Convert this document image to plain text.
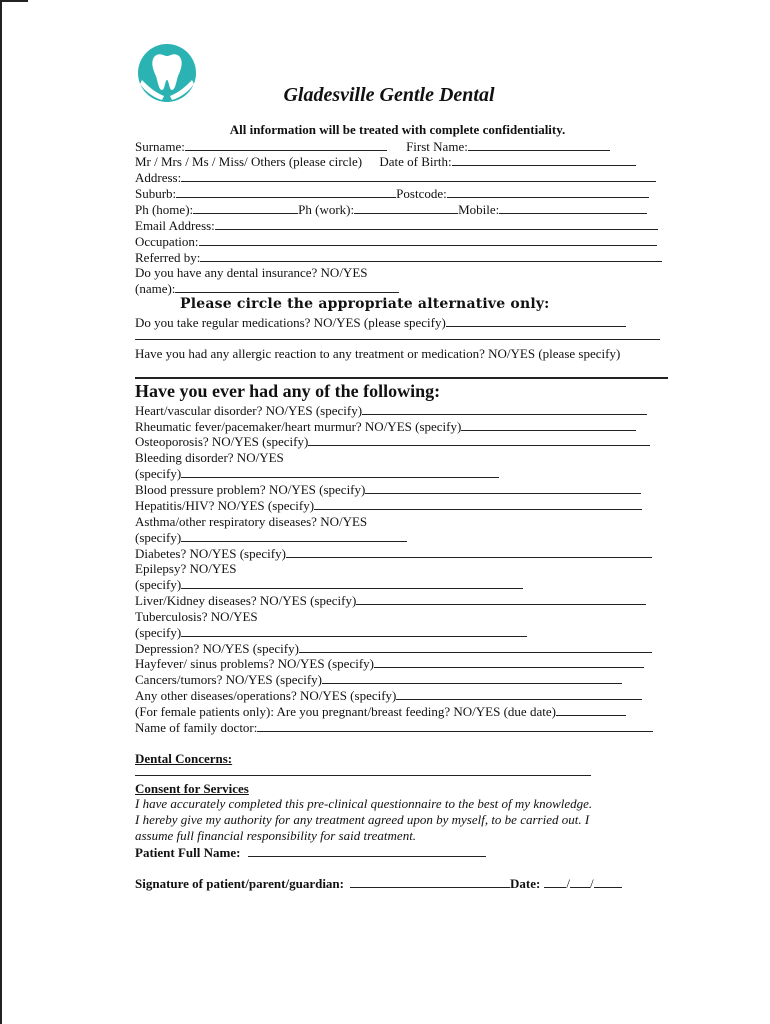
Gladesville Gentle Dental
All information will be treated with complete confidentiality.
Surname:	First Name:
Mr / Mrs / Ms / Miss/ Others (please circle) Date of Birth:
Address:
Suburb:	Postcode:
Ph (home):	Ph (work):	Mobile:
Email Address:
Occupation:
Referred by:
Do you have any dental insurance? NO/YES
(name):
Please circle the appropriate alternative only:
Do you take regular medications? NO/YES (please specify)
Have you had any allergic reaction to any treatment or medication? NO/YES (please specify)
Have you ever had any of the following:
Heart/vascular disorder? NO/YES (specify)
Rheumatic fever/pacemaker/heart murmur? NO/YES (specify)
Osteoporosis? NO/YES (specify)
Bleeding disorder? NO/YES
(specify)
Blood pressure problem? NO/YES (specify)
Hepatitis/HIV? NO/YES (specify)
Asthma/other respiratory diseases? NO/YES
(specify)
Diabetes? NO/YES (specify)
Epilepsy? NO/YES
(specify)
Liver/Kidney diseases? NO/YES (specify)
Tuberculosis? NO/YES
(specify)
Depression? NO/YES (specify)
Hayfever/ sinus problems? NO/YES (specify)
Cancers/tumors? NO/YES (specify)
Any other diseases/operations? NO/YES (specify)
(For female patients only): Are you pregnant/breast feeding? NO/YES (due date)
Name of family doctor:
Dental Concerns:
Consent for Services
I have accurately completed this pre-clinical questionnaire to the best of my knowledge.
I hereby give my authority for any treatment agreed upon by myself, to be carried out. I
assume full financial responsibility for said treatment.
Patient Full Name:
Signature of patient/parent/guardian:	Date: / /
